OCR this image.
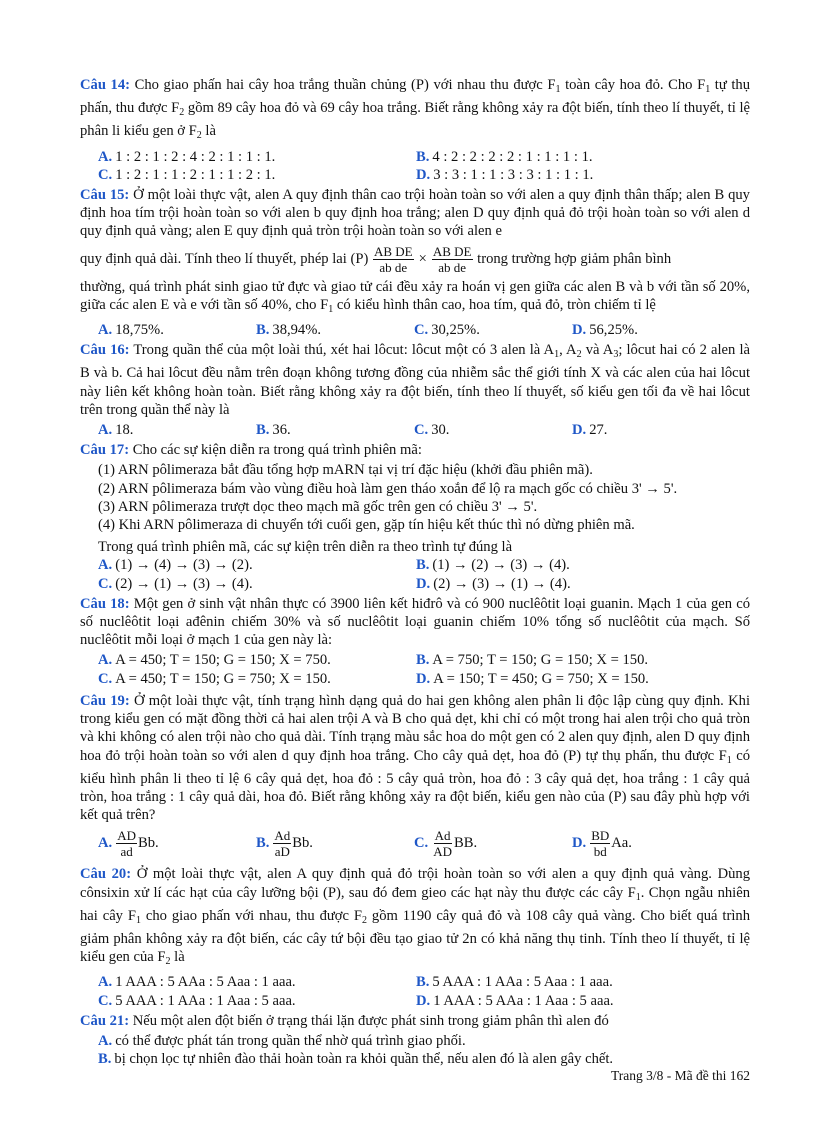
Câu 14: Cho giao phấn hai cây hoa trắng thuần chủng (P) với nhau thu được $F_1$ toàn cây hoa đỏ. Cho $F_1$ tự thụ phấn, thu được $F_2$ gồm 89 cây hoa đỏ và 69 cây hoa trắng. Biết rằng không xảy ra đột biến, tính theo lí thuyết, tỉ lệ phân li kiểu gen ở $F_2$ là
A. 1 : 2 : 1 : 2 : 4 : 2 : 1 : 1 : 1.	B. 4 : 2 : 2 : 2 : 2 : 1 : 1 : 1 : 1.
C. 1 : 2 : 1 : 1 : 2 : 1 : 1 : 2 : 1.	D. 3 : 3 : 1 : 1 : 3 : 3 : 1 : 1 : 1.
Câu 15: Ở một loài thực vật, alen A quy định thân cao trội hoàn toàn so với alen a quy định thân thấp; alen B quy định hoa tím trội hoàn toàn so với alen b quy định hoa trắng; alen D quy định quả đỏ trội hoàn toàn so với alen d quy định quả vàng; alen E quy định quả tròn trội hoàn toàn so với alen e
quy định quả dài. Tính theo lí thuyết, phép lai (P)
$\frac{\text{AB DE}}{\text{ab de}} \times \frac{\text{AB DE}}{\text{ab de}}$
trong trường hợp giảm phân bình
thường, quá trình phát sinh giao tử đực và giao tử cái đều xảy ra hoán vị gen giữa các alen B và b với tần số 20%, giữa các alen E và e với tần số 40%, cho $F_1$ có kiểu hình thân cao, hoa tím, quả đỏ, tròn chiếm tỉ lệ
A. 18,75%.	B. 38,94%.	C. 30,25%.	D. 56,25%.
Câu 16: Trong quần thể của một loài thú, xét hai lôcut: lôcut một có 3 alen là $A_1$, $A_2$ và $A_3$; lôcut hai có 2 alen là B và b. Cả hai lôcut đều nằm trên đoạn không tương đồng của nhiễm sắc thể giới tính X và các alen của hai lôcut này liên kết không hoàn toàn. Biết rằng không xảy ra đột biến, tính theo lí thuyết, số kiểu gen tối đa về hai lôcut trên trong quần thể này là
A. 18.	B. 36.	C. 30.	D. 27.
Câu 17: Cho các sự kiện diễn ra trong quá trình phiên mã:
(1) ARN pôlimeraza bắt đầu tổng hợp mARN tại vị trí đặc hiệu (khởi đầu phiên mã).
(2) ARN pôlimeraza bám vào vùng điều hoà làm gen tháo xoắn để lộ ra mạch gốc có chiều 3' → 5'.
(3) ARN pôlimeraza trượt dọc theo mạch mã gốc trên gen có chiều 3' → 5'.
(4) Khi ARN pôlimeraza di chuyển tới cuối gen, gặp tín hiệu kết thúc thì nó dừng phiên mã.
Trong quá trình phiên mã, các sự kiện trên diễn ra theo trình tự đúng là
A. (1) → (4) → (3) → (2).	B. (1) → (2) → (3) → (4).
C. (2) → (1) → (3) → (4).	D. (2) → (3) → (1) → (4).
Câu 18: Một gen ở sinh vật nhân thực có 3900 liên kết hiđrô và có 900 nuclêôtit loại guanin. Mạch 1 của gen có số nuclêôtit loại ađênin chiếm 30% và số nuclêôtit loại guanin chiếm 10% tổng số nuclêôtit của mạch. Số nuclêôtit mỗi loại ở mạch 1 của gen này là:
A. A = 450; T = 150; G = 150; X = 750.	B. A = 750; T = 150; G = 150; X = 150.
C. A = 450; T = 150; G = 750; X = 150.	D. A = 150; T = 450; G = 750; X = 150.
Câu 19: Ở một loài thực vật, tính trạng hình dạng quả do hai gen không alen phân li độc lập cùng quy định. Khi trong kiểu gen có mặt đồng thời cả hai alen trội A và B cho quả dẹt, khi chỉ có một trong hai alen trội cho quả tròn và khi không có alen trội nào cho quả dài. Tính trạng màu sắc hoa do một gen có 2 alen quy định, alen D quy định hoa đỏ trội hoàn toàn so với alen d quy định hoa trắng. Cho cây quả dẹt, hoa đỏ (P) tự thụ phấn, thu được $F_1$ có kiểu hình phân li theo tỉ lệ 6 cây quả dẹt, hoa đỏ : 5 cây quả tròn, hoa đỏ : 3 cây quả dẹt, hoa trắng : 1 cây quả tròn, hoa trắng : 1 cây quả dài, hoa đỏ. Biết rằng không xảy ra đột biến, kiểu gen nào của (P) sau đây phù hợp với kết quả trên?
A. $\frac{AD}{ad} Bb$.	B. $\frac{Ad}{aD} Bb$.	C. $\frac{Ad}{AD}$ BB.	D. $\frac{BD}{bd} Aa$.
Câu 20: Ở một loài thực vật, alen A quy định quả đỏ trội hoàn toàn so với alen a quy định quả vàng. Dùng cônsixin xử lí các hạt của cây lưỡng bội (P), sau đó đem gieo các hạt này thu được các cây $F_1$. Chọn ngẫu nhiên hai cây $F_1$ cho giao phấn với nhau, thu được $F_2$ gồm 1190 cây quả đỏ và 108 cây quả vàng. Cho biết quá trình giảm phân không xảy ra đột biến, các cây tứ bội đều tạo giao tử 2n có khả năng thụ tinh. Tính theo lí thuyết, tỉ lệ kiểu gen của $F_2$ là
A. 1 AAA : 5 AAa : 5 Aaa : 1 aaa.	B. 5 AAA : 1 AAa : 5 Aaa : 1 aaa.
C. 5 AAA : 1 AAa : 1 Aaa : 5 aaa.	D. 1 AAA : 5 AAa : 1 Aaa : 5 aaa.
Câu 21: Nếu một alen đột biến ở trạng thái lặn được phát sinh trong giảm phân thì alen đó
A. có thể được phát tán trong quần thể nhờ quá trình giao phối.
B. bị chọn lọc tự nhiên đào thải hoàn toàn ra khỏi quần thể, nếu alen đó là alen gây chết.
Trang 3/8 - Mã đề thi 162
